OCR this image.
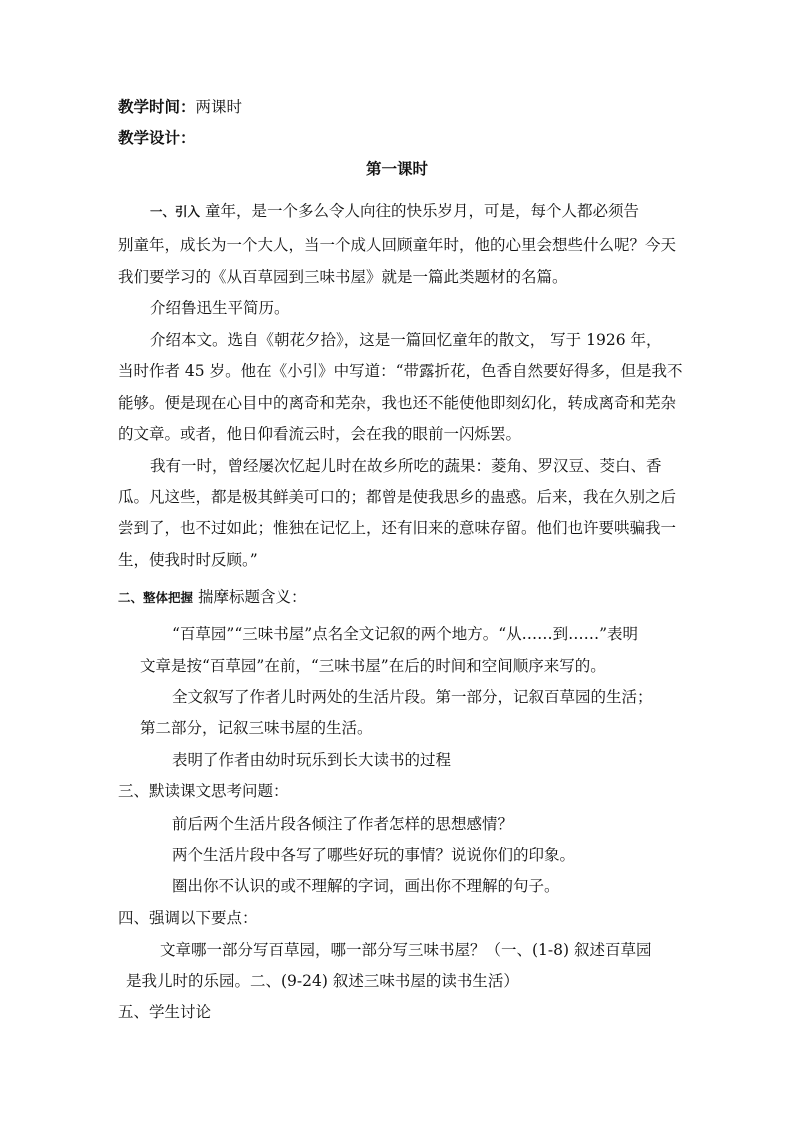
教学时间：两课时

教学设计：

第一课时

一、引入 童年，是一个多么令人向往的快乐岁月，可是，每个人都必须告

别童年，成长为一个大人，当一个成人回顾童年时，他的心里会想些什么呢？今天

我们要学习的《从百草园到三味书屋》就是一篇此类题材的名篇。

介绍鲁迅生平简历。

介绍本文。选自《朝花夕拾》，这是一篇回忆童年的散文， 写于 1926 年，

当时作者 45 岁。他在《小引》中写道：“带露折花，色香自然要好得多，但是我不

能够。便是现在心目中的离奇和芜杂，我也还不能使他即刻幻化，转成离奇和芜杂

的文章。或者，他日仰看流云时，会在我的眼前一闪烁罢。

我有一时，曾经屡次忆起儿时在故乡所吃的蔬果：菱角、罗汉豆、茭白、香

瓜。凡这些，都是极其鲜美可口的；都曾是使我思乡的蛊惑。后来，我在久别之后

尝到了，也不过如此；惟独在记忆上，还有旧来的意味存留。他们也许要哄骗我一

生，使我时时反顾。”

二、整体把握 揣摩标题含义：

“百草园”“三味书屋”点名全文记叙的两个地方。“从……到……”表明

文章是按“百草园”在前，“三味书屋”在后的时间和空间顺序来写的。

全文叙写了作者儿时两处的生活片段。第一部分，记叙百草园的生活；

第二部分，记叙三味书屋的生活。

表明了作者由幼时玩乐到长大读书的过程

三、默读课文思考问题：

前后两个生活片段各倾注了作者怎样的思想感情？

两个生活片段中各写了哪些好玩的事情？说说你们的印象。

圈出你不认识的或不理解的字词，画出你不理解的句子。

四、强调以下要点：

文章哪一部分写百草园，哪一部分写三味书屋？（一、(1-8) 叙述百草园

是我儿时的乐园。二、(9-24) 叙述三味书屋的读书生活）

五、学生讨论
